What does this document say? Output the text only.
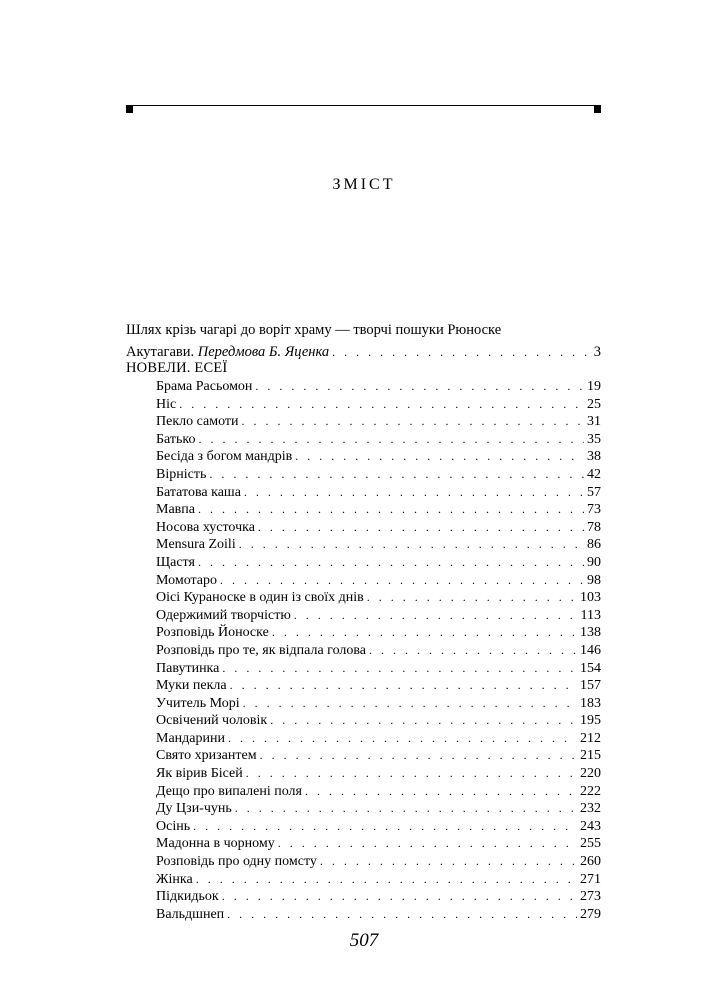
ЗМІСТ
Шлях крізь чагарі до воріт храму — творчі пошуки Рюноске
Акутагави.
Передмова Б. Яценка . . .	3
НОВЕЛИ. ЕСЕЇ
Брама Расьомон . . .	19
Ніс . . .	25
Пекло самоти . . .	31
Батько . . .	35
Бесіда з богом мандрів . . .	38
Вірність . . .	42
Бататова каша . . .	57
Мавпа . . .	73
Носова хусточка . . .	78
Mensura Zoili . . .	86
Щастя . . .	90
Момотаро . . .	98
Оісі Кураноске в один із своїх днів . . .	103
Одержимий творчістю . . .	113
Розповідь Йоноске . . .	138
Розповідь про те, як відпала голова . . .	146
Павутинка . . .	154
Муки пекла . . .	157
Учитель Морі . . .	183
Освічений чоловік . . .	195
Мандарини . . .	212
Свято хризантем . . .	215
Як вірив Бісей . . .	220
Дещо про випалені поля . . .	222
Ду Цзи-чунь . . .	232
Осінь . . .	243
Мадонна в чорному . . .	255
Розповідь про одну помсту . . .	260
Жінка . . .	271
Підкидьок . . .	273
Вальдшнеп . . .	279
507
